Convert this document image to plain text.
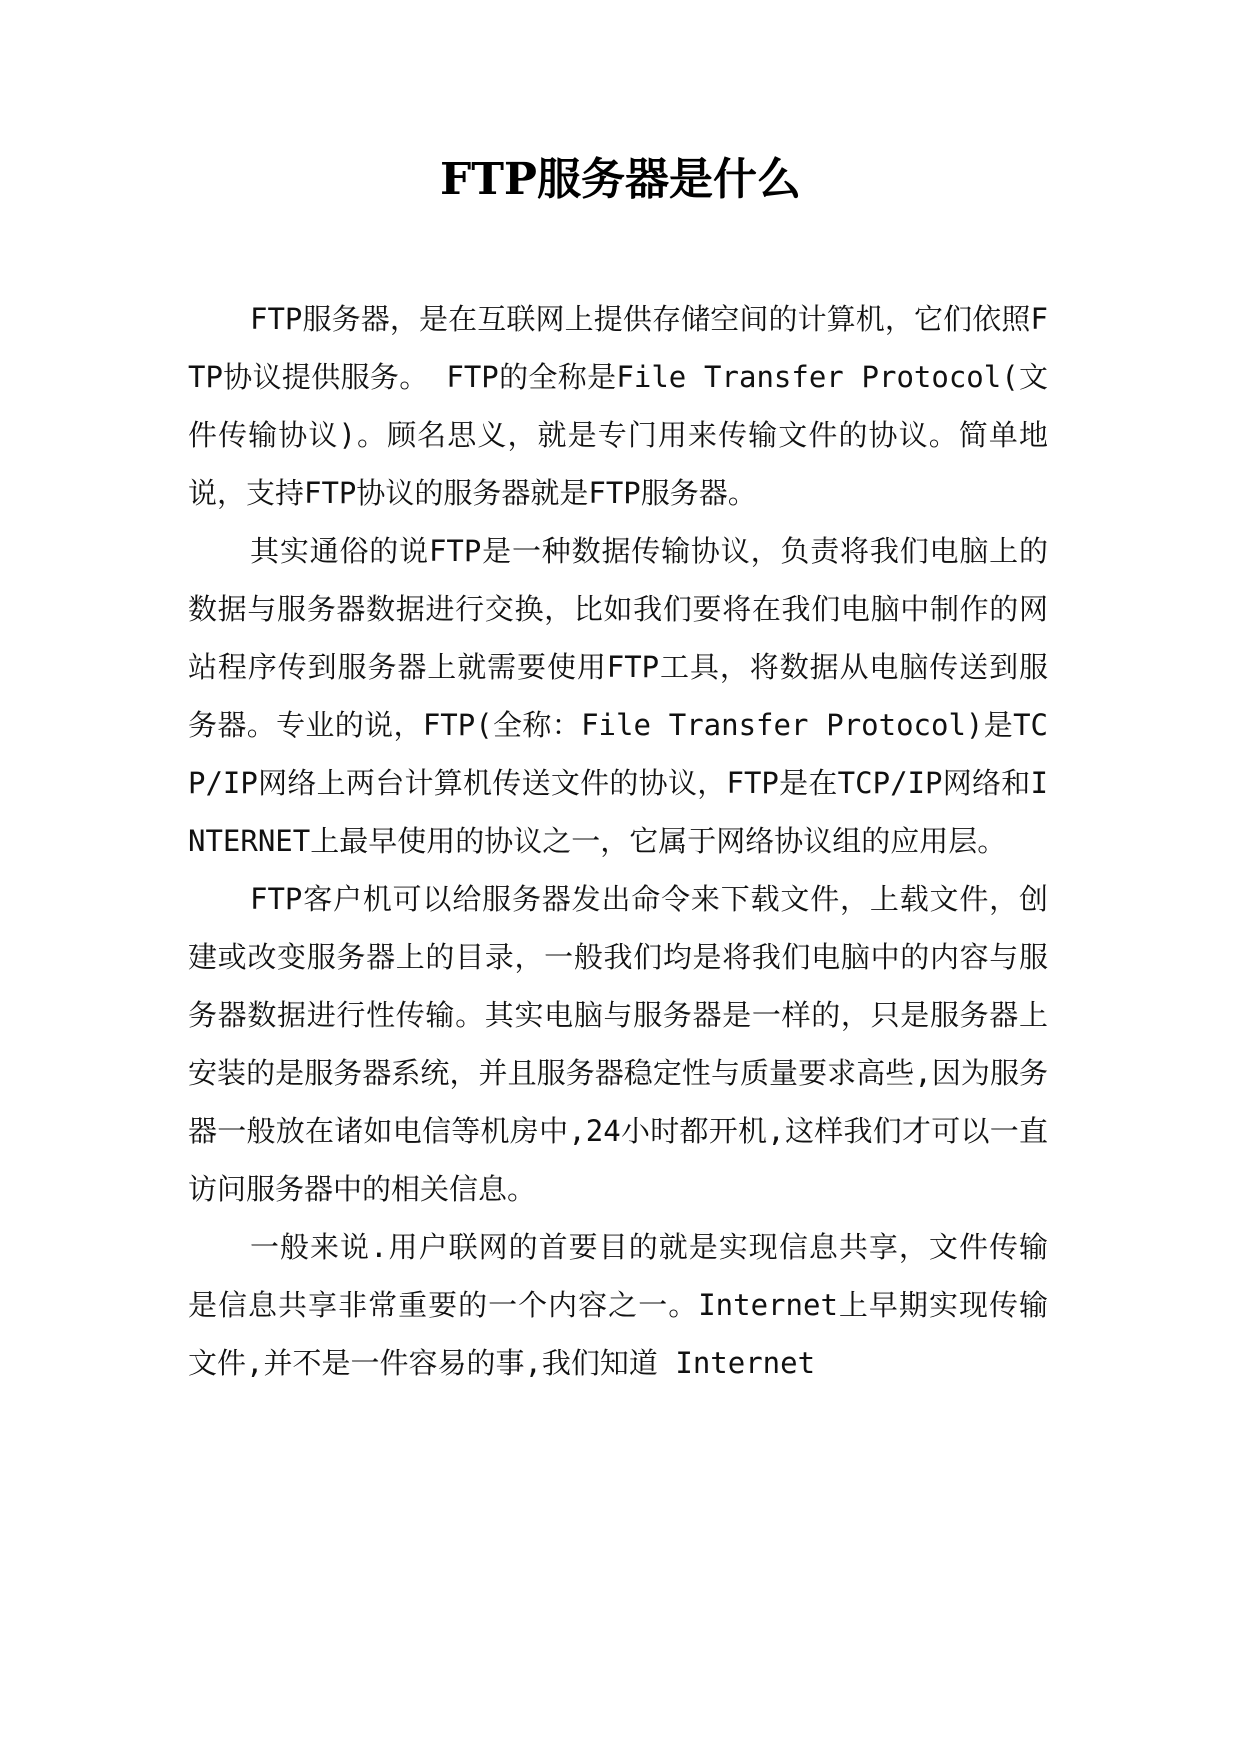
FTP服务器是什么

FTP服务器，是在互联网上提供存储空间的计算机，它们依照FTP协议提供服务。 FTP的全称是File Transfer Protocol(文件传输协议)。顾名思义，就是专门用来传输文件的协议。简单地说，支持FTP协议的服务器就是FTP服务器。

其实通俗的说FTP是一种数据传输协议，负责将我们电脑上的数据与服务器数据进行交换，比如我们要将在我们电脑中制作的网站程序传到服务器上就需要使用FTP工具，将数据从电脑传送到服务器。专业的说，FTP(全称：File Transfer Protocol)是TCP/IP网络上两台计算机传送文件的协议，FTP是在TCP/IP网络和INTERNET上最早使用的协议之一，它属于网络协议组的应用层。

FTP客户机可以给服务器发出命令来下载文件，上载文件，创建或改变服务器上的目录，一般我们均是将我们电脑中的内容与服务器数据进行性传输。其实电脑与服务器是一样的，只是服务器上安装的是服务器系统，并且服务器稳定性与质量要求高些,因为服务器一般放在诸如电信等机房中,24小时都开机,这样我们才可以一直访问服务器中的相关信息。

一般来说.用户联网的首要目的就是实现信息共享，文件传输是信息共享非常重要的一个内容之一。Internet上早期实现传输文件,并不是一件容易的事,我们知道 Internet
